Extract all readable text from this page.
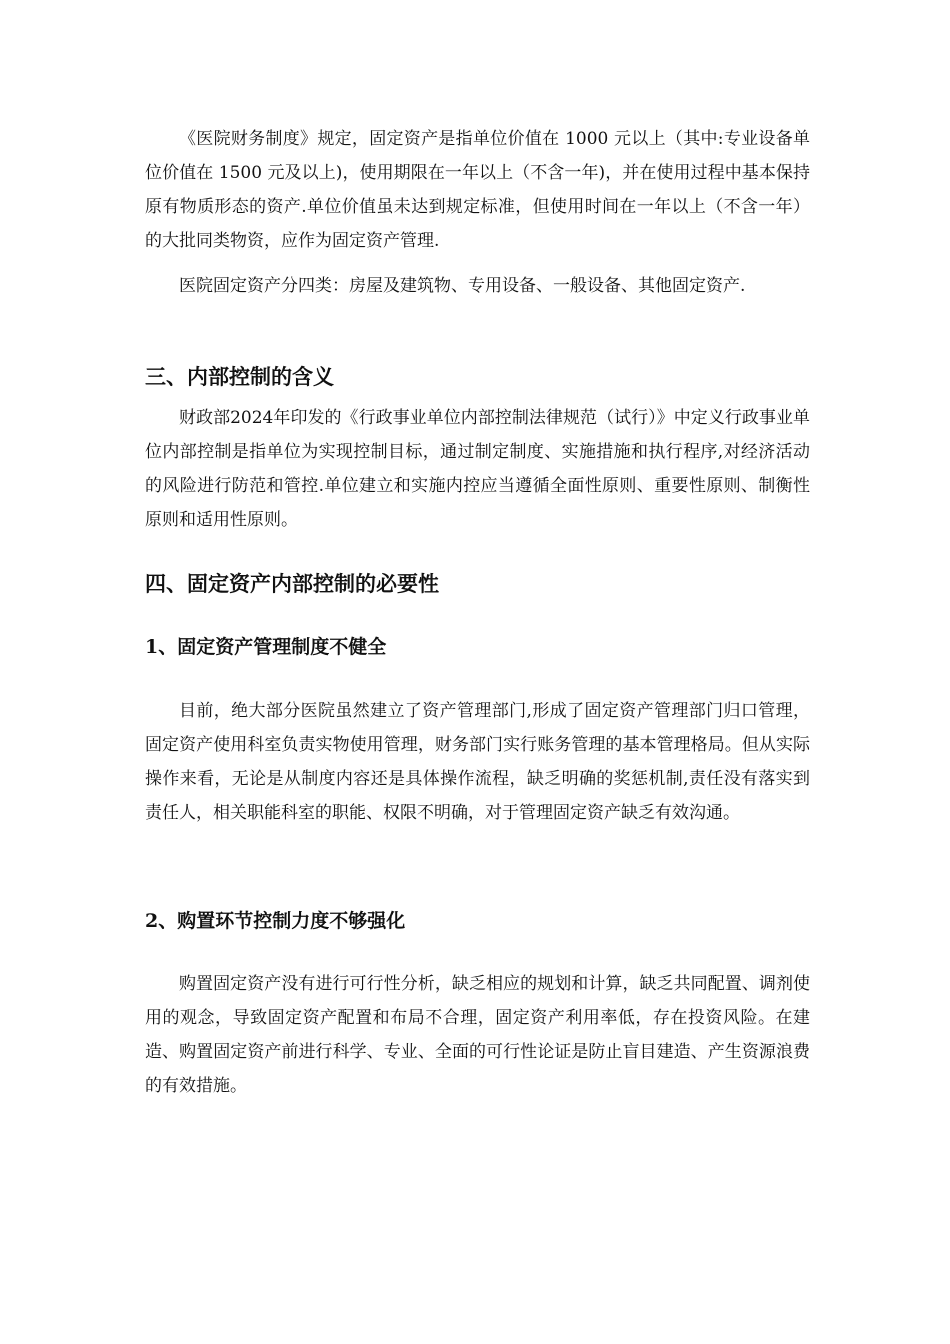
《医院财务制度》规定，固定资产是指单位价值在 1000 元以上（其中:专业设备单位价值在 1500 元及以上)，使用期限在一年以上（不含一年)，并在使用过程中基本保持原有物质形态的资产.单位价值虽未达到规定标准，但使用时间在一年以上（不含一年）的大批同类物资，应作为固定资产管理.

医院固定资产分四类：房屋及建筑物、专用设备、一般设备、其他固定资产.

三、内部控制的含义

财政部2024年印发的《行政事业单位内部控制法律规范（试行）》中定义行政事业单位内部控制是指单位为实现控制目标，通过制定制度、实施措施和执行程序,对经济活动的风险进行防范和管控.单位建立和实施内控应当遵循全面性原则、重要性原则、制衡性原则和适用性原则。

四、固定资产内部控制的必要性
1、固定资产管理制度不健全

目前，绝大部分医院虽然建立了资产管理部门,形成了固定资产管理部门归口管理，固定资产使用科室负责实物使用管理，财务部门实行账务管理的基本管理格局。但从实际操作来看，无论是从制度内容还是具体操作流程，缺乏明确的奖惩机制,责任没有落实到责任人，相关职能科室的职能、权限不明确，对于管理固定资产缺乏有效沟通。

2、购置环节控制力度不够强化

购置固定资产没有进行可行性分析，缺乏相应的规划和计算，缺乏共同配置、调剂使用的观念，导致固定资产配置和布局不合理，固定资产利用率低，存在投资风险。在建造、购置固定资产前进行科学、专业、全面的可行性论证是防止盲目建造、产生资源浪费的有效措施。
